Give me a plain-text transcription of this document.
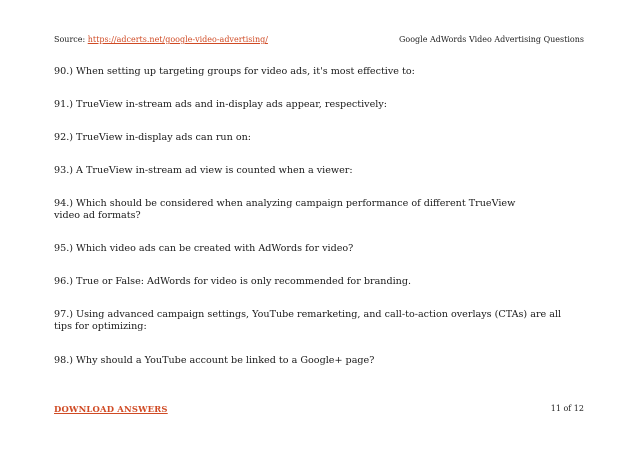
Source: https://adcerts.net/google-video-advertising/	Google AdWords Video Advertising Questions
90.) When setting up targeting groups for video ads, it's most effective to:
91.) TrueView in-stream ads and in-display ads appear, respectively:
92.) TrueView in-display ads can run on:
93.) A TrueView in-stream ad view is counted when a viewer:
94.) Which should be considered when analyzing campaign performance of different TrueView video ad formats?
95.) Which video ads can be created with AdWords for video?
96.) True or False: AdWords for video is only recommended for branding.
97.) Using advanced campaign settings, YouTube remarketing, and call-to-action overlays (CTAs) are all tips for optimizing:
98.) Why should a YouTube account be linked to a Google+ page?
DOWNLOAD ANSWERS	11 of 12
